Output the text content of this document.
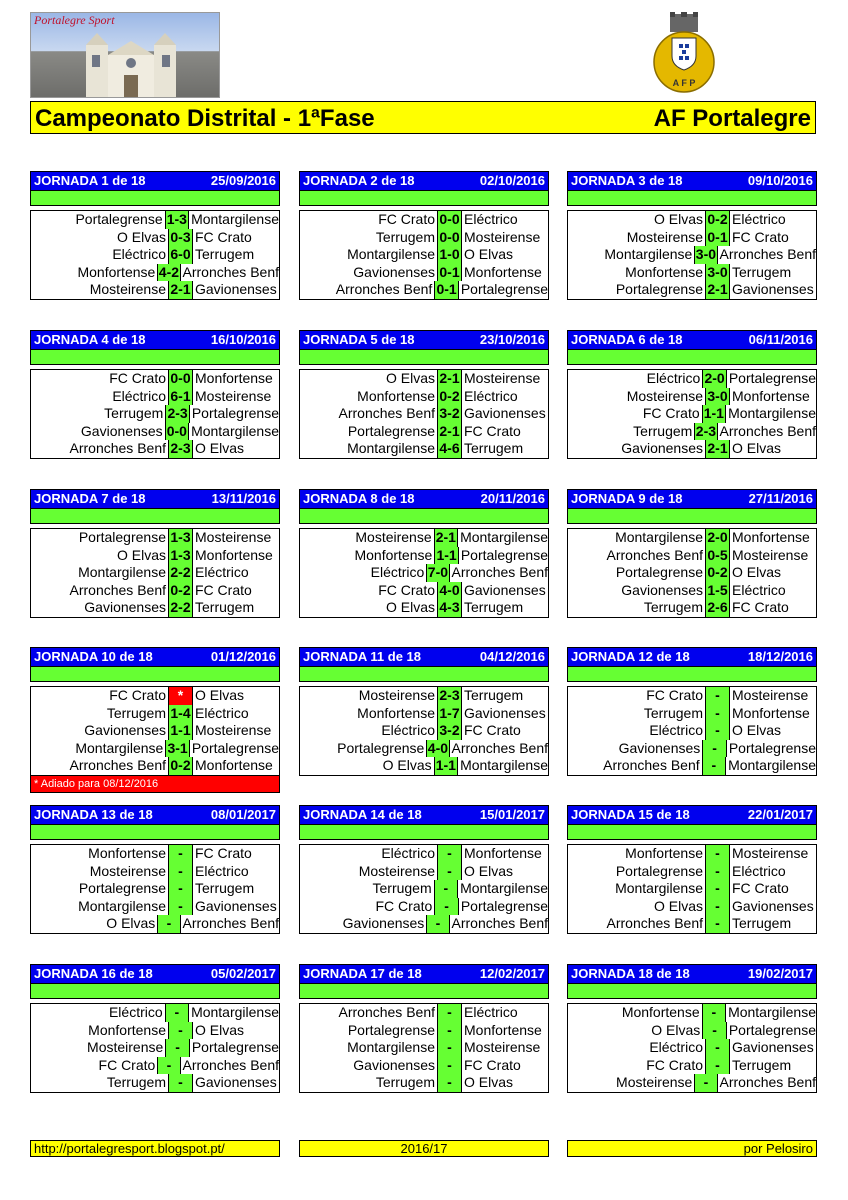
Portalegre Sport
A F P
Campeonato Distrital - 1ªFase	AF Portalegre
JORNADA 1 de 18	25/09/2016
Portalegrense 1-3 Montargilense
O Elvas 0-3 FC Crato
Eléctrico 6-0 Terrugem
Monfortense 4-2 Arronches Benf
Mosteirense 2-1 Gavionenses
JORNADA 2 de 18	02/10/2016
FC Crato 0-0 Eléctrico
Terrugem 0-0 Mosteirense
Montargilense 1-0 O Elvas
Gavionenses 0-1 Monfortense
Arronches Benf 0-1 Portalegrense
JORNADA 3 de 18	09/10/2016
O Elvas 0-2 Eléctrico
Mosteirense 0-1 FC Crato
Montargilense 3-0 Arronches Benf
Monfortense 3-0 Terrugem
Portalegrense 2-1 Gavionenses
JORNADA 4 de 18	16/10/2016
FC Crato 0-0 Monfortense
Eléctrico 6-1 Mosteirense
Terrugem 2-3 Portalegrense
Gavionenses 0-0 Montargilense
Arronches Benf 2-3 O Elvas
JORNADA 5 de 18	23/10/2016
O Elvas 2-1 Mosteirense
Monfortense 0-2 Eléctrico
Arronches Benf 3-2 Gavionenses
Portalegrense 2-1 FC Crato
Montargilense 4-6 Terrugem
JORNADA 6 de 18	06/11/2016
Eléctrico 2-0 Portalegrense
Mosteirense 3-0 Monfortense
FC Crato 1-1 Montargilense
Terrugem 2-3 Arronches Benf
Gavionenses 2-1 O Elvas
JORNADA 7 de 18	13/11/2016
Portalegrense 1-3 Mosteirense
O Elvas 1-3 Monfortense
Montargilense 2-2 Eléctrico
Arronches Benf 0-2 FC Crato
Gavionenses 2-2 Terrugem
JORNADA 8 de 18	20/11/2016
Mosteirense 2-1 Montargilense
Monfortense 1-1 Portalegrense
Eléctrico 7-0 Arronches Benf
FC Crato 4-0 Gavionenses
O Elvas 4-3 Terrugem
JORNADA 9 de 18	27/11/2016
Montargilense 2-0 Monfortense
Arronches Benf 0-5 Mosteirense
Portalegrense 0-2 O Elvas
Gavionenses 1-5 Eléctrico
Terrugem 2-6 FC Crato
JORNADA 10 de 18	01/12/2016
FC Crato * O Elvas
Terrugem 1-4 Eléctrico
Gavionenses 1-1 Mosteirense
Montargilense 3-1 Portalegrense
Arronches Benf 0-2 Monfortense
* Adiado para 08/12/2016
JORNADA 11 de 18	04/12/2016
Mosteirense 2-3 Terrugem
Monfortense 1-7 Gavionenses
Eléctrico 3-2 FC Crato
Portalegrense 4-0 Arronches Benf
O Elvas 1-1 Montargilense
JORNADA 12 de 18	18/12/2016
FC Crato - Mosteirense
Terrugem - Monfortense
Eléctrico - O Elvas
Gavionenses - Portalegrense
Arronches Benf - Montargilense
JORNADA 13 de 18	08/01/2017
Monfortense - FC Crato
Mosteirense - Eléctrico
Portalegrense - Terrugem
Montargilense - Gavionenses
O Elvas - Arronches Benf
JORNADA 14 de 18	15/01/2017
Eléctrico - Monfortense
Mosteirense - O Elvas
Terrugem - Montargilense
FC Crato - Portalegrense
Gavionenses - Arronches Benf
JORNADA 15 de 18	22/01/2017
Monfortense - Mosteirense
Portalegrense - Eléctrico
Montargilense - FC Crato
O Elvas - Gavionenses
Arronches Benf - Terrugem
JORNADA 16 de 18	05/02/2017
Eléctrico - Montargilense
Monfortense - O Elvas
Mosteirense - Portalegrense
FC Crato - Arronches Benf
Terrugem - Gavionenses
JORNADA 17 de 18	12/02/2017
Arronches Benf - Eléctrico
Portalegrense - Monfortense
Montargilense - Mosteirense
Gavionenses - FC Crato
Terrugem - O Elvas
JORNADA 18 de 18	19/02/2017
Monfortense - Montargilense
O Elvas - Portalegrense
Eléctrico - Gavionenses
FC Crato - Terrugem
Mosteirense - Arronches Benf
http://portalegresport.blogspot.pt/	2016/17	por Pelosiro
